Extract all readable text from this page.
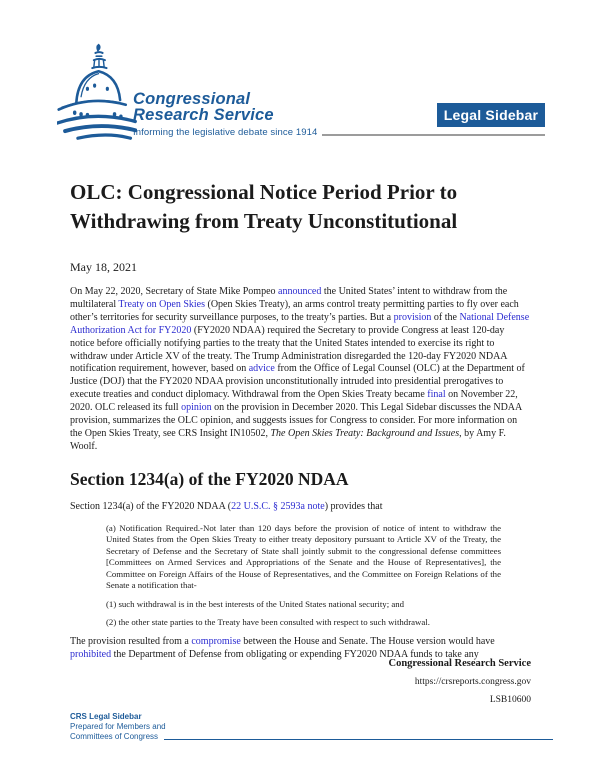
Congressional
Research Service
Informing the legislative debate since 1914
Legal Sidebar
OLC: Congressional Notice Period Prior to Withdrawing from Treaty Unconstitutional
May 18, 2021

On May 22, 2020, Secretary of State Mike Pompeo announced the United States’ intent to withdraw from the multilateral Treaty on Open Skies (Open Skies Treaty), an arms control treaty permitting parties to fly over each other’s territories for security surveillance purposes, to the treaty’s parties. But a provision of the National Defense Authorization Act for FY2020 (FY2020 NDAA) required the Secretary to provide Congress at least 120-day notice before officially notifying parties to the treaty that the United States intended to exercise its right to withdraw under Article XV of the treaty. The Trump Administration disregarded the 120-day FY2020 NDAA notification requirement, however, based on advice from the Office of Legal Counsel (OLC) at the Department of Justice (DOJ) that the FY2020 NDAA provision unconstitutionally intruded into presidential prerogatives to execute treaties and conduct diplomacy. Withdrawal from the Open Skies Treaty became final on November 22, 2020. OLC released its full opinion on the provision in December 2020. This Legal Sidebar discusses the NDAA provision, summarizes the OLC opinion, and suggests issues for Congress to consider. For more information on the Open Skies Treaty, see CRS Insight IN10502, The Open Skies Treaty: Background and Issues, by Amy F. Woolf.

Section 1234(a) of the FY2020 NDAA

Section 1234(a) of the FY2020 NDAA (22 U.S.C. § 2593a note) provides that

(a) Notification Required.-Not later than 120 days before the provision of notice of intent to withdraw the United States from the Open Skies Treaty to either treaty depository pursuant to Article XV of the Treaty, the Secretary of Defense and the Secretary of State shall jointly submit to the congressional defense committees [Committees on Armed Services and Appropriations of the Senate and the House of Representatives], the Committee on Foreign Affairs of the House of Representatives, and the Committee on Foreign Relations of the Senate a notification that-

(1) such withdrawal is in the best interests of the United States national security; and

(2) the other state parties to the Treaty have been consulted with respect to such withdrawal.

The provision resulted from a compromise between the House and Senate. The House version would have prohibited the Department of Defense from obligating or expending FY2020 NDAA funds to take any

Congressional Research Service
https://crsreports.congress.gov
LSB10600
CRS Legal Sidebar
Prepared for Members and
Committees of Congress
